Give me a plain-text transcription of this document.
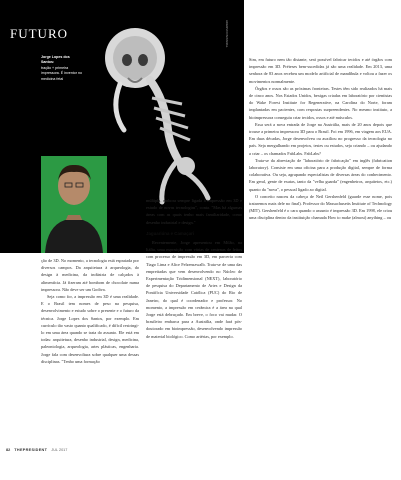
FUTURO
Jorge Lopes dos Santos:
tração + primeira impressora. É inventor no medicina fetal
ACERVO PESSOAL

Sim, em futuro nem tão distante, será possível fabricar tecidos e até órgãos com impressão em 3D. Préteses bem-sucedidas já são uma realidade. Em 2013, uma senhora de 83 anos recebeu um modelo artificial de mandíbula e voltou a fazer os movimentos normalmente.

Órgãos e ossos são as próximas fronteiras. Testes têm sido realizados há mais de cinco anos. Nos Estados Unidos, bexigas criadas em laboratório por cientistas do Wake Forest Institute for Regenerative, na Carolina do Norte, foram implantadas em pacientes, com respostas surpreendentes. No mesmo instituto, a bioimpressora conseguiu criar tecidos, ossos e até músculos.

Essa será a nova entrada de Jorge na Austrália, mais de 20 anos depois que trouxe a primeira impressora 3D para o Brasil. Foi em 1996, em viagem aos EUA. Em duas décadas, Jorge desenvolveu ou auxiliou no progresso da tecnologia no país. Seja mergulhando em projetos, testes ou estudos, seja criando – ou ajudando a criar – os chamados FabLabs. FabLabs?

Trata-se da abreviação de "laboratório de fabricação" em inglês (fabrication laboratory). Consiste em uma oficina para a produção digital, sempre de forma colaborativa. Ou seja, agrupando especialistas de diversas áreas do conhecimento. Em geral, gente de exatas, tanto da "velha guarda" (engenheiros, arquitetos, etc.) quanto da "nova", o pessoal ligado ao digital.

O conceito nasceu da cabeça de Neil Gershenfeld (guarde esse nome, pois trataremos mais dele no final). Professor do Massachusetts Institute of Technology (MIT). Gershenfeld é o cara quando o assunto é impressão 3D. Em 1998, ele criou uma disciplina dentro da instituição chamada How to make (almost) anything – ou

múltipla, embora sempre ligada à impressão em 3D e estudo de novas tecnologias", conta. "Mas há algumas áreas com as quais tenho mais familiaridade, como desenho industrial e design."

Jaguariúna e Camaçari

Recentemente, Jorge apresentou em Milão, na Itália, uma exposição com várias de centenas de feitos com processo de impressão em 3D, em parceria com Tiago Lima e Alice Felzenszwalb. Trata-se de uma das empreitadas que vem desenvolvendo no Núcleo de Experimentação Tridimensional (NEXT), laboratório de pesquisa do Departamento de Artes e Design da Pontifícia Universidade Católica (PUC) do Rio de Janeiro, do qual é coordenador e professor. No momento, a impressão em cerâmica é a área na qual Jorge está debruçado. Em breve, o foco vai mudar. O brasileiro embarca para a Austrália, onde fará pós-doutorado em bioimpressão, desenvolvendo impressão de material biológico. Como artérias, por exemplo.

ção de 3D. No momento, a tecnologia está espraiada por diversos campos. Da arquitetura à arqueologia, do design à medicina, da indústria de calçados à alimentícia. Já fizeram até bombom de chocolate numa impressora. Não deve ser um Godiva.

Seja como for, a impressão em 3D é uma realidade. E o Brasil tem nomes de peso na pesquisa, desenvolvimento e estudo sobre o presente e o futuro da técnica. Jorge Lopes dos Santos, por exemplo. Em currículo tão vasto quanto qualificado, é difícil restringi-lo em uma área quando se trata do assunto. Ele está em todas: arquitetura, desenho industrial, design, medicina, paleontologia, arqueologia, artes plásticas, engenharia. Jorge fala com desenvoltura sobre qualquer uma dessas disciplinas. "Tenho uma formação

82 THEPRESIDENT JUL 2017
